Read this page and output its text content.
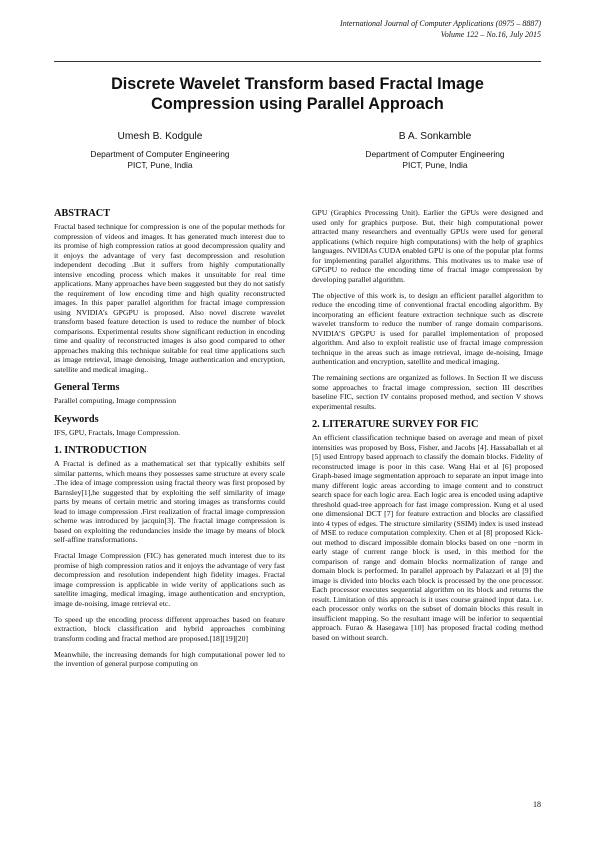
International Journal of Computer Applications (0975 – 8887)
Volume 122 – No.16, July 2015
Discrete Wavelet Transform based Fractal Image
Compression using Parallel Approach
Umesh B. Kodgule
Department of Computer Engineering
PICT, Pune, India
B A. Sonkamble
Department of Computer Engineering
PICT, Pune, India
ABSTRACT

Fractal based technique for compression is one of the popular methods for compression of videos and images. It has generated much interest due to its promise of high compression ratios at good decompression quality and it enjoys the advantage of very fast decompression and resolution independent decoding .But it suffers from highly computationally intensive encoding process which makes it unsuitable for real time applications. Many approaches have been suggested but they do not satisfy the requirement of low encoding time and high quality reconstructed images. In this paper parallel algorithm for fractal image compression using NVIDIA’s GPGPU is proposed. Also novel discrete wavelet transform based feature detection is used to reduce the number of block comparisons. Experimental results show significant reduction in encoding time and quality of reconstructed images is also good compared to other approaches making this technique suitable for real time applications such as image retrieval, image denoising, Image authentication and encryption, satellite and medical imaging..

General Terms

Parallel computing, Image compression

Keywords

IFS, GPU, Fractals, Image Compression.

1. INTRODUCTION

A Fractal is defined as a mathematical set that typically exhibits self similar patterns, which means they possesses same structure at every scale .The idea of image compression using fractal theory was first proposed by Barnsley[1],he suggested that by exploiting the self similarity of image parts by means of certain metric and storing images as transforms could lead to image compression .First realization of fractal image compression scheme was introduced by jacquin[3]. The fractal image compression is based on exploiting the redundancies inside the image by means of block self-affine transformations.

Fractal Image Compression (FIC) has generated much interest due to its promise of high compression ratios and it enjoys the advantage of very fast decompression and resolution independent high fidelity images. Fractal image compression is applicable in wide verity of applications such as satellite imaging, medical imaging, image authentication and encryption, image de-noising, image retrieval etc.

To speed up the encoding process different approaches based on feature extraction, block classification and hybrid approaches combining transform coding and fractal method are proposed.[18][19][20]

Meanwhile, the increasing demands for high computational power led to the invention of general purpose computing on

GPU (Graphics Processing Unit). Earlier the GPUs were designed and used only for graphics purpose. But, their high computational power attracted many researchers and eventually GPUs were used for general applications (which require high computations) with the help of graphics languages. NVIDIAs CUDA enabled GPU is one of the popular plat forms for implementing parallel algorithms. This motivates us to make use of GPGPU to reduce the encoding time of fractal image compression by developing parallel algorithm.

The objective of this work is, to design an efficient parallel algorithm to reduce the encoding time of conventional fractal encoding algorithm. By incorporating an efficient feature extraction technique such as discrete wavelet transform to reduce the number of range domain comparisons. NVIDIA’S GPGPU is used for parallel implementation of proposed algorithm. And also to exploit realistic use of fractal image compression technique in the areas such as image retrieval, image de-noising, Image authentication and encryption, satellite and medical imaging.

The remaining sections are organized as follows. In Section II we discuss some approaches to fractal image compression, section III describes baseline FIC, section IV contains proposed method, and section V shows experimental results.

2. LITERATURE SURVEY FOR FIC

An efficient classification technique based on average and mean of pixel intensities was proposed by Boss, Fisher, and Jacobs [4]. Hassaballah et al [5] used Entropy based approach to classify the domain blocks. Fidelity of reconstructed image is poor in this case. Wang Hai et al [6] proposed Graph-based image segmentation approach to separate an input image into many different logic areas according to image content and to construct search space for each logic area. Each logic area is encoded using adaptive threshold quad-tree approach for fast image compression. Kung et al used one dimensional DCT [7] for feature extraction and blocks are classified into 4 types of edges. The structure similarity (SSIM) index is used instead of MSE to reduce computation complexity. Chen et al [8] proposed Kick-out method to discard impossible domain blocks based on one −norm in early stage of current range block is used, in this method for the comparison of range and domain blocks normalization of range and domain block is performed. In parallel approach by Palazzari et al [9] the image is divided into blocks each block is processed by the one processor. Each processor executes sequential algorithm on its block and returns the result. Limitation of this approach is it uses course grained input data. i.e. each processor only works on the subset of domain blocks this result in insufficient mapping. So the resultant image will be inferior to sequential approach. Furao & Hasegawa [10] has proposed fractal coding method based on without search.

18
